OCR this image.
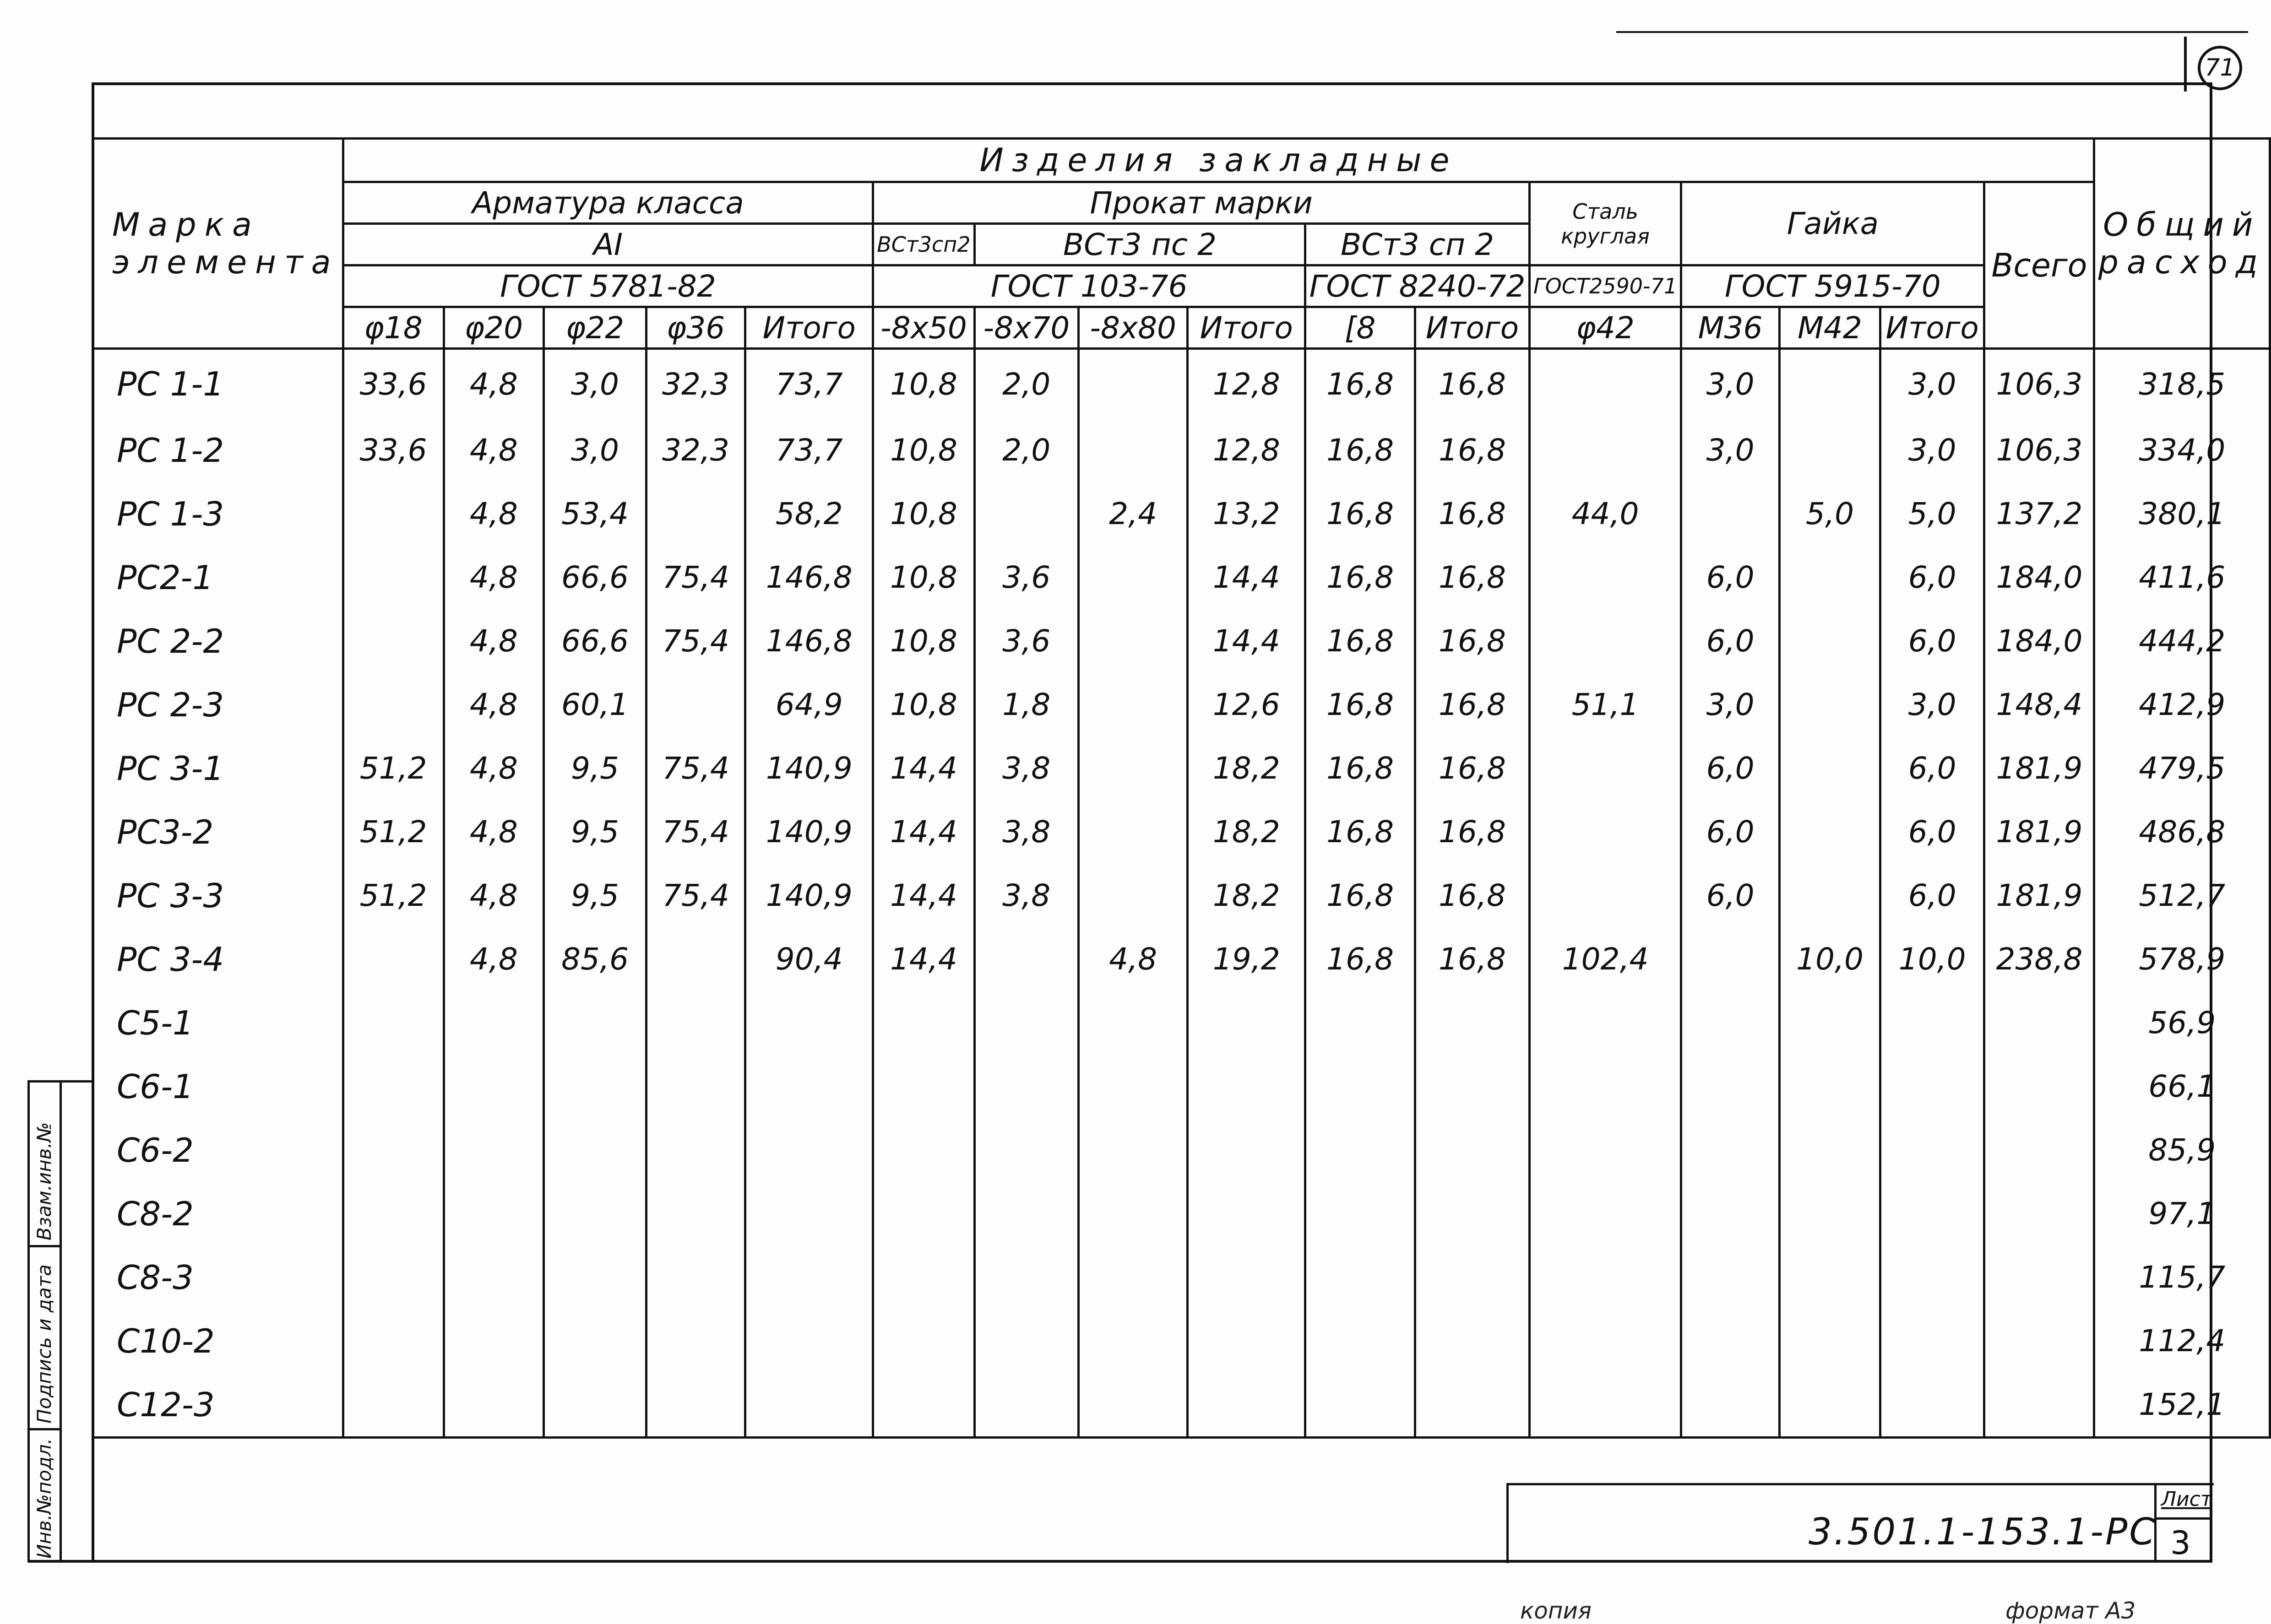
71
Марка
элемента	Изделия закладные																Общий
расход
	Арматура класса					Прокат марки						Сталь
круглая	Гайка			Всего	
	AI					ВСт3сп2	ВСт3 пс 2			ВСт3 сп 2							
	ГОСТ 5781-82					ГОСТ 103-76				ГОСТ 8240-72		ГОСТ2590-71	ГОСТ 5915-70				
	φ18	φ20	φ22	φ36	Итого	-8х50	-8х70	-8х80	Итого	[8	Итого	φ42	М36	М42	Итого		
РС 1-1	33,6	4,8	3,0	32,3	73,7	10,8	2,0		12,8	16,8	16,8		3,0		3,0	106,3	318,5
РС 1-2	33,6	4,8	3,0	32,3	73,7	10,8	2,0		12,8	16,8	16,8		3,0		3,0	106,3	334,0
РС 1-3		4,8	53,4		58,2	10,8		2,4	13,2	16,8	16,8	44,0		5,0	5,0	137,2	380,1
РС2-1		4,8	66,6	75,4	146,8	10,8	3,6		14,4	16,8	16,8		6,0		6,0	184,0	411,6
РС 2-2		4,8	66,6	75,4	146,8	10,8	3,6		14,4	16,8	16,8		6,0		6,0	184,0	444,2
РС 2-3		4,8	60,1		64,9	10,8	1,8		12,6	16,8	16,8	51,1	3,0		3,0	148,4	412,9
РС 3-1	51,2	4,8	9,5	75,4	140,9	14,4	3,8		18,2	16,8	16,8		6,0		6,0	181,9	479,5
РС3-2	51,2	4,8	9,5	75,4	140,9	14,4	3,8		18,2	16,8	16,8		6,0		6,0	181,9	486,8
РС 3-3	51,2	4,8	9,5	75,4	140,9	14,4	3,8		18,2	16,8	16,8		6,0		6,0	181,9	512,7
РС 3-4		4,8	85,6		90,4	14,4		4,8	19,2	16,8	16,8	102,4		10,0	10,0	238,8	578,9
С5-1																	56,9
С6-1																	66,1
С6-2																	85,9
С8-2																	97,1
С8-3																	115,7
С10-2																	112,4
С12-3																	152,1
3.501.1-153.1-РС
Лист
3
Инв.№подл.
Подпись и дата
Взам.инв.№
копия	формат А3
